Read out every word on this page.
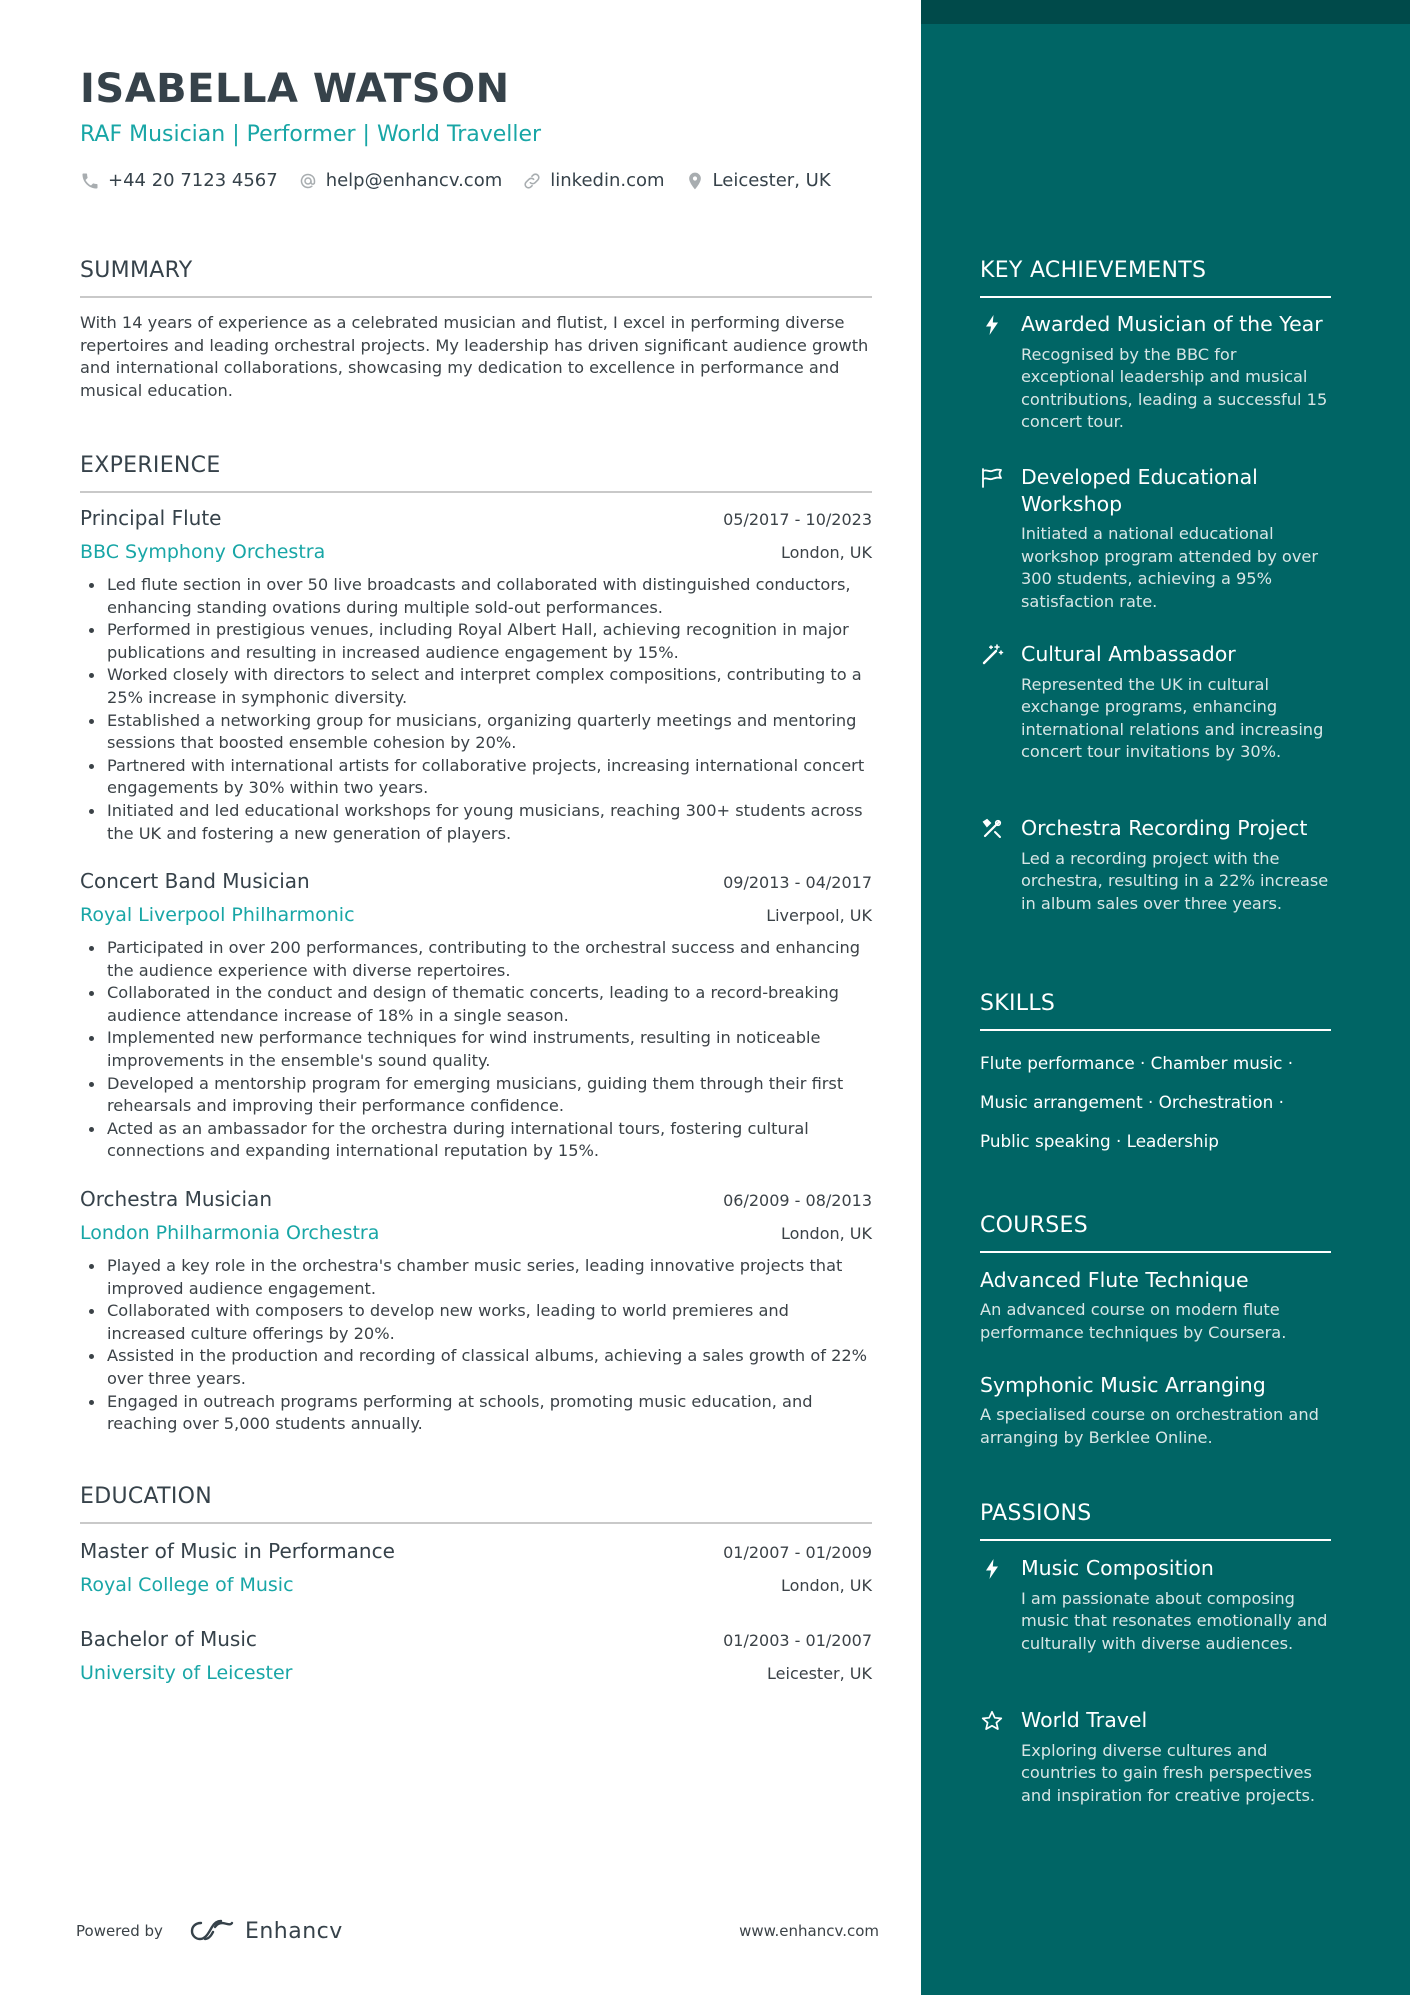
ISABELLA WATSON
RAF Musician | Performer | World Traveller
+44 20 7123 4567	help@enhancv.com	linkedin.com	Leicester, UK
SUMMARY
With 14 years of experience as a celebrated musician and flutist, I excel in performing diverse repertoires and leading orchestral projects. My leadership has driven significant audience growth and international collaborations, showcasing my dedication to excellence in performance and musical education.
EXPERIENCE
Principal Flute	05/2017 - 10/2023
BBC Symphony Orchestra	London, UK
Led flute section in over 50 live broadcasts and collaborated with distinguished conductors, enhancing standing ovations during multiple sold-out performances.
Performed in prestigious venues, including Royal Albert Hall, achieving recognition in major publications and resulting in increased audience engagement by 15%.
Worked closely with directors to select and interpret complex compositions, contributing to a 25% increase in symphonic diversity.
Established a networking group for musicians, organizing quarterly meetings and mentoring sessions that boosted ensemble cohesion by 20%.
Partnered with international artists for collaborative projects, increasing international concert engagements by 30% within two years.
Initiated and led educational workshops for young musicians, reaching 300+ students across the UK and fostering a new generation of players.
Concert Band Musician	09/2013 - 04/2017
Royal Liverpool Philharmonic	Liverpool, UK
Participated in over 200 performances, contributing to the orchestral success and enhancing the audience experience with diverse repertoires.
Collaborated in the conduct and design of thematic concerts, leading to a record-breaking audience attendance increase of 18% in a single season.
Implemented new performance techniques for wind instruments, resulting in noticeable improvements in the ensemble's sound quality.
Developed a mentorship program for emerging musicians, guiding them through their first rehearsals and improving their performance confidence.
Acted as an ambassador for the orchestra during international tours, fostering cultural connections and expanding international reputation by 15%.
Orchestra Musician	06/2009 - 08/2013
London Philharmonia Orchestra	London, UK
Played a key role in the orchestra's chamber music series, leading innovative projects that improved audience engagement.
Collaborated with composers to develop new works, leading to world premieres and increased culture offerings by 20%.
Assisted in the production and recording of classical albums, achieving a sales growth of 22% over three years.
Engaged in outreach programs performing at schools, promoting music education, and reaching over 5,000 students annually.
EDUCATION
Master of Music in Performance	01/2007 - 01/2009
Royal College of Music	London, UK
Bachelor of Music	01/2003 - 01/2007
University of Leicester	Leicester, UK
Powered by	Enhancv	www.enhancv.com
KEY ACHIEVEMENTS
Awarded Musician of the Year
Recognised by the BBC for exceptional leadership and musical contributions, leading a successful 15 concert tour.
Developed Educational Workshop
Initiated a national educational workshop program attended by over 300 students, achieving a 95% satisfaction rate.
Cultural Ambassador
Represented the UK in cultural exchange programs, enhancing international relations and increasing concert tour invitations by 30%.
Orchestra Recording Project
Led a recording project with the orchestra, resulting in a 22% increase in album sales over three years.
SKILLS
Flute performance · Chamber music ·
Music arrangement · Orchestration ·
Public speaking · Leadership
COURSES
Advanced Flute Technique
An advanced course on modern flute performance techniques by Coursera.
Symphonic Music Arranging
A specialised course on orchestration and arranging by Berklee Online.
PASSIONS
Music Composition
I am passionate about composing music that resonates emotionally and culturally with diverse audiences.
World Travel
Exploring diverse cultures and countries to gain fresh perspectives and inspiration for creative projects.
